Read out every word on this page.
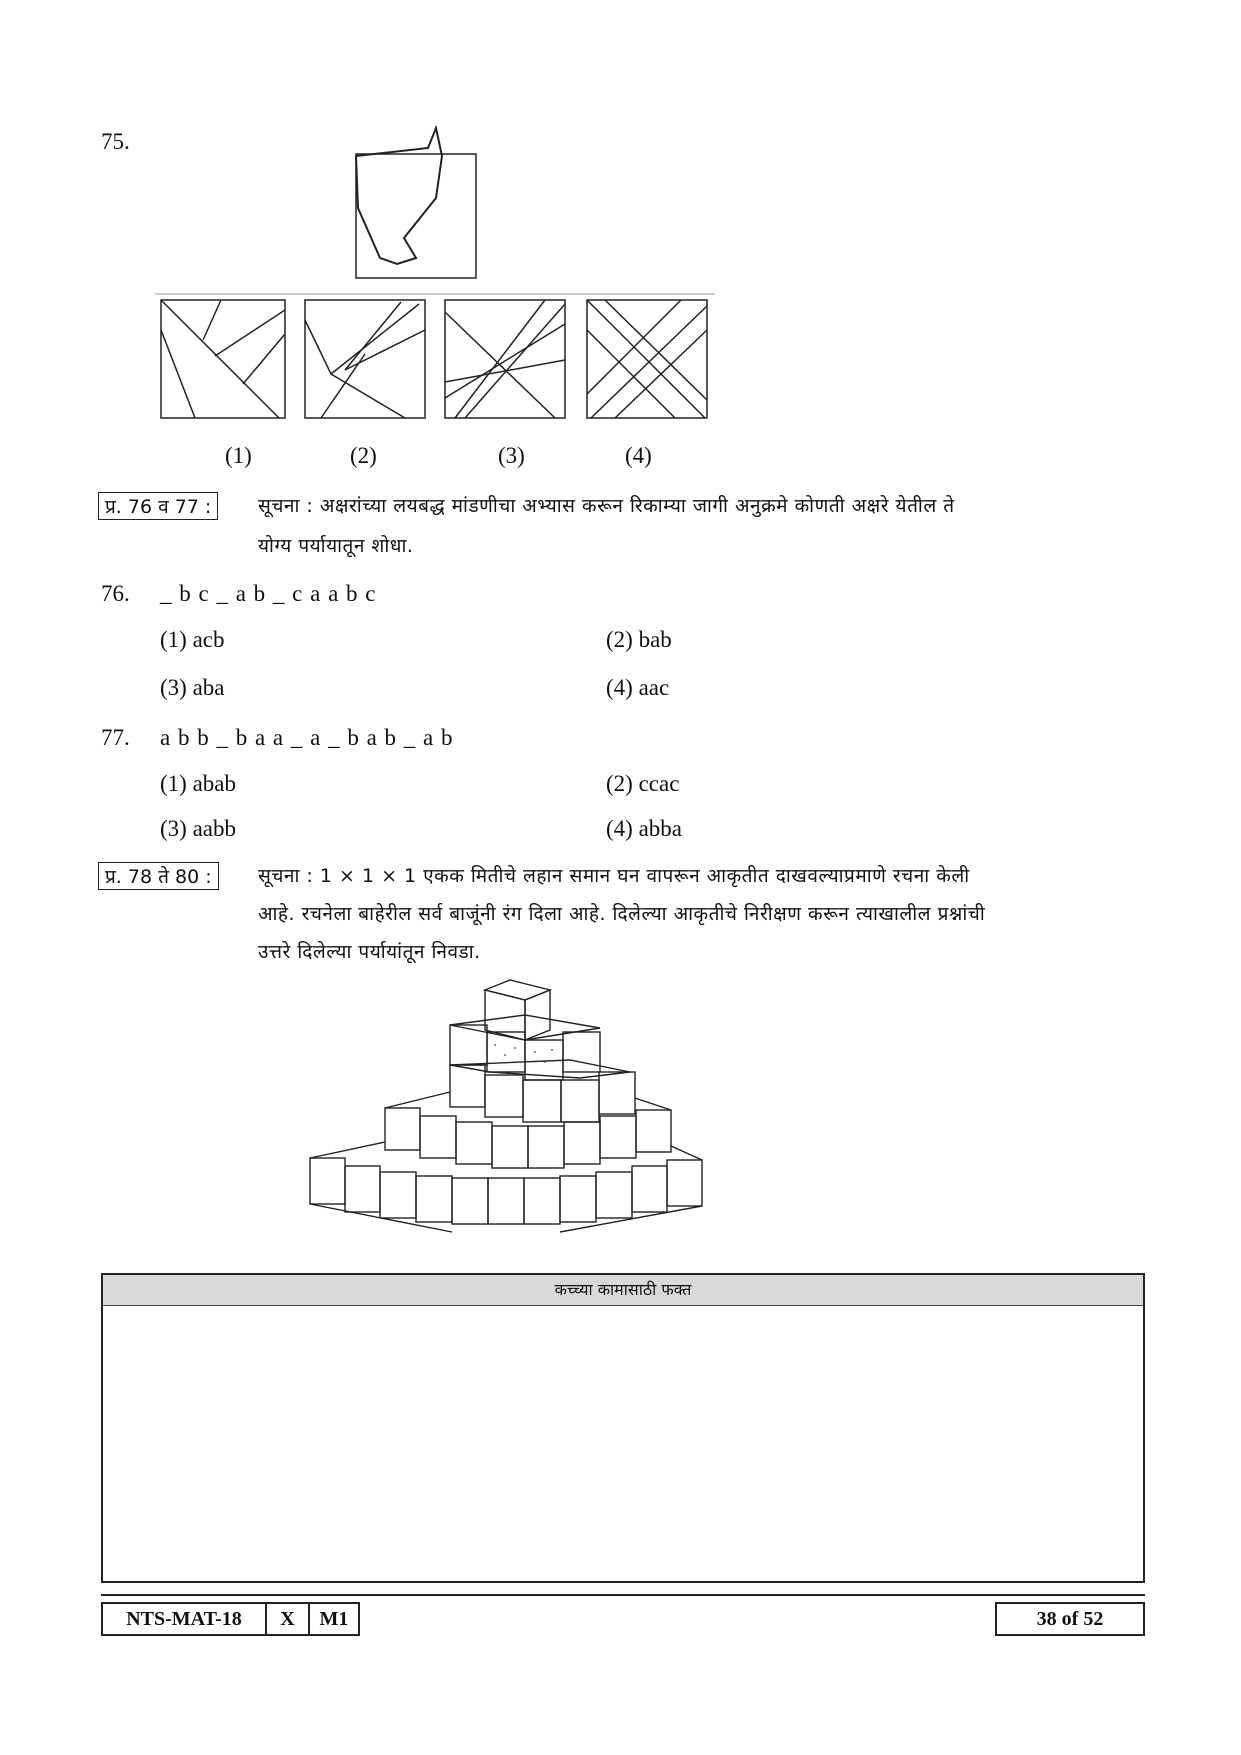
75.
(1)	(2)	(3)	(4)
प्र. 76 व 77 :	सूचना : अक्षरांच्या लयबद्ध मांडणीचा अभ्यास करून रिकाम्या जागी अनुक्रमे कोणती अक्षरे येतील ते
योग्य पर्यायातून शोधा.
76. _ b c _ a b _ c a a b c
(1) acb	(2) bab
(3) aba	(4) aac
77. a b b _ b a a _ a _ b a b _ a b
(1) abab	(2) ccac
(3) aabb	(4) abba
प्र. 78 ते 80 :	सूचना : 1 × 1 × 1 एकक मितीचे लहान समान घन वापरून आकृतीत दाखवल्याप्रमाणे रचना केली
आहे. रचनेला बाहेरील सर्व बाजूंनी रंग दिला आहे. दिलेल्या आकृतीचे निरीक्षण करून त्याखालील प्रश्नांची
उत्तरे दिलेल्या पर्यायांतून निवडा.
कच्च्या कामासाठी फक्त
NTS-MAT-18	X	M1	38 of 52
